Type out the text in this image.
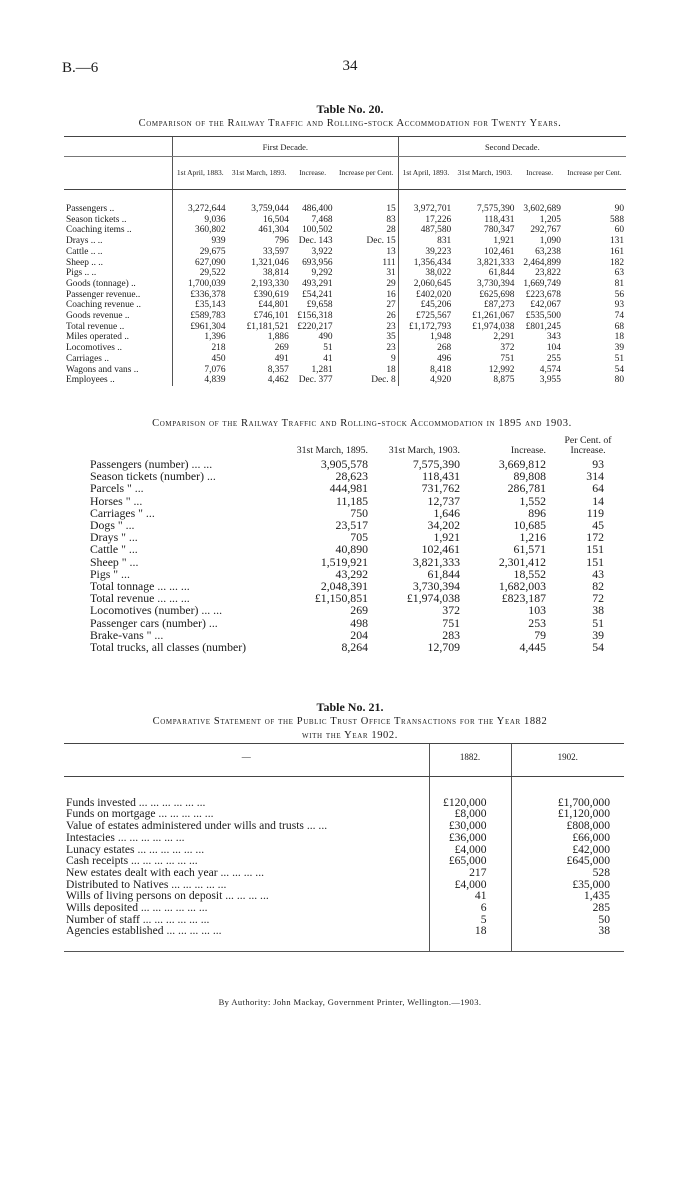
B.—6	34
Table No. 20.
Comparison of the Railway Traffic and Rolling-stock Accommodation for Twenty Years.
	First Decade.				Second Decade.			
	1st April, 1883.	31st March, 1893.	Increase.	Increase per Cent.	1st April, 1893.	31st March, 1903.	Increase.	Increase per Cent.

Passengers ..	3,272,644	3,759,044	486,400	15	3,972,701	7,575,390	3,602,689	90
Season tickets ..	9,036	16,504	7,468	83	17,226	118,431	1,205	588
Coaching items ..	360,802	461,304	100,502	28	487,580	780,347	292,767	60
Drays .. ..	939	796	Dec. 143	Dec. 15	831	1,921	1,090	131
Cattle .. ..	29,675	33,597	3,922	13	39,223	102,461	63,238	161
Sheep .. ..	627,090	1,321,046	693,956	111	1,356,434	3,821,333	2,464,899	182
Pigs .. ..	29,522	38,814	9,292	31	38,022	61,844	23,822	63
Goods (tonnage) ..	1,700,039	2,193,330	493,291	29	2,060,645	3,730,394	1,669,749	81
Passenger revenue..	£336,378	£390,619	£54,241	16	£402,020	£625,698	£223,678	56
Coaching revenue ..	£35,143	£44,801	£9,658	27	£45,206	£87,273	£42,067	93
Goods revenue ..	£589,783	£746,101	£156,318	26	£725,567	£1,261,067	£535,500	74
Total revenue ..	£961,304	£1,181,521	£220,217	23	£1,172,793	£1,974,038	£801,245	68
Miles operated ..	1,396	1,886	490	35	1,948	2,291	343	18
Locomotives ..	218	269	51	23	268	372	104	39
Carriages ..	450	491	41	9	496	751	255	51
Wagons and vans ..	7,076	8,357	1,281	18	8,418	12,992	4,574	54
Employees ..	4,839	4,462	Dec. 377	Dec. 8	4,920	8,875	3,955	80
Comparison of the Railway Traffic and Rolling-stock Accommodation in 1895 and 1903.
	31st March, 1895.	31st March, 1903.	Increase.	Per Cent. of Increase.
Passengers (number) ... ...	3,905,578	7,575,390	3,669,812	93
Season tickets (number) ...	28,623	118,431	89,808	314
Parcels " ...	444,981	731,762	286,781	64
Horses " ...	11,185	12,737	1,552	14
Carriages " ...	750	1,646	896	119
Dogs " ...	23,517	34,202	10,685	45
Drays " ...	705	1,921	1,216	172
Cattle " ...	40,890	102,461	61,571	151
Sheep " ...	1,519,921	3,821,333	2,301,412	151
Pigs " ...	43,292	61,844	18,552	43
Total tonnage ... ... ...	2,048,391	3,730,394	1,682,003	82
Total revenue ... ... ...	£1,150,851	£1,974,038	£823,187	72
Locomotives (number) ... ...	269	372	103	38
Passenger cars (number) ...	498	751	253	51
Brake-vans " ...	204	283	79	39
Total trucks, all classes (number)	8,264	12,709	4,445	54
Table No. 21.
Comparative Statement of the Public Trust Office Transactions for the Year 1882
with the Year 1902.
—	1882.	1902.

Funds invested ... ... ... ... ... ...	£120,000	£1,700,000
Funds on mortgage ... ... ... ... ...	£8,000	£1,120,000
Value of estates administered under wills and trusts ... ...	£30,000	£808,000
Intestacies ... ... ... ... ... ...	£36,000	£66,000
Lunacy estates ... ... ... ... ... ...	£4,000	£42,000
Cash receipts ... ... ... ... ... ...	£65,000	£645,000
New estates dealt with each year ... ... ... ...	217	528
Distributed to Natives ... ... ... ... ...	£4,000	£35,000
Wills of living persons on deposit ... ... ... ...	41	1,435
Wills deposited ... ... ... ... ... ...	6	285
Number of staff ... ... ... ... ... ...	5	50
Agencies established ... ... ... ... ...	18	38

By Authority: John Mackay, Government Printer, Wellington.—1903.
